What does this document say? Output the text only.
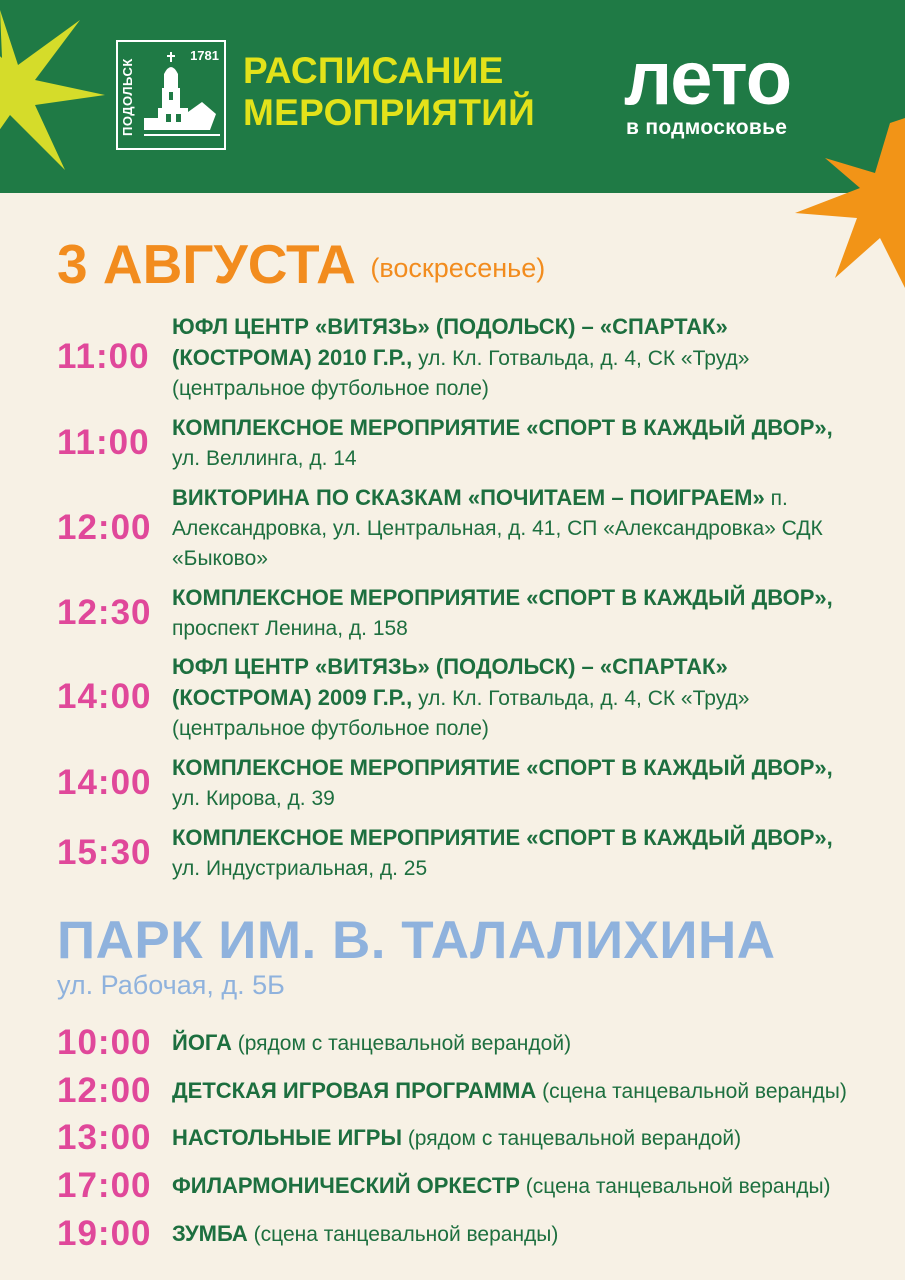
ПОДОЛЬСК
1781 РАСПИСАНИЕ
МЕРОПРИЯТИЙ лето
в подмосковье
3 АВГУСТА (воскресенье)
11:00
ЮФЛ ЦЕНТР «ВИТЯЗЬ» (ПОДОЛЬСК) – «СПАРТАК» (КОСТРОМА) 2010 Г.Р., ул. Кл. Готвальда, д. 4, СК «Труд» (центральное футбольное поле)
11:00 КОМПЛЕКСНОЕ МЕРОПРИЯТИЕ «СПОРТ В КАЖДЫЙ ДВОР», ул. Веллинга, д. 14
12:00
ВИКТОРИНА ПО СКАЗКАМ «ПОЧИТАЕМ – ПОИГРАЕМ» п. Александровка, ул. Центральная, д. 41, СП «Александровка» СДК «Быково»
12:30 КОМПЛЕКСНОЕ МЕРОПРИЯТИЕ «СПОРТ В КАЖДЫЙ ДВОР», проспект Ленина, д. 158
14:00
ЮФЛ ЦЕНТР «ВИТЯЗЬ» (ПОДОЛЬСК) – «СПАРТАК» (КОСТРОМА) 2009 Г.Р., ул. Кл. Готвальда, д. 4, СК «Труд» (центральное футбольное поле)
14:00 КОМПЛЕКСНОЕ МЕРОПРИЯТИЕ «СПОРТ В КАЖДЫЙ ДВОР», ул. Кирова, д. 39
15:30 КОМПЛЕКСНОЕ МЕРОПРИЯТИЕ «СПОРТ В КАЖДЫЙ ДВОР», ул. Индустриальная, д. 25
ПАРК ИМ. В. ТАЛАЛИХИНА
ул. Рабочая, д. 5Б
10:00 ЙОГА (рядом с танцевальной верандой)
12:00 ДЕТСКАЯ ИГРОВАЯ ПРОГРАММА (сцена танцевальной веранды)
13:00 НАСТОЛЬНЫЕ ИГРЫ (рядом с танцевальной верандой)
17:00 ФИЛАРМОНИЧЕСКИЙ ОРКЕСТР (сцена танцевальной веранды)
19:00 ЗУМБА (сцена танцевальной веранды)
